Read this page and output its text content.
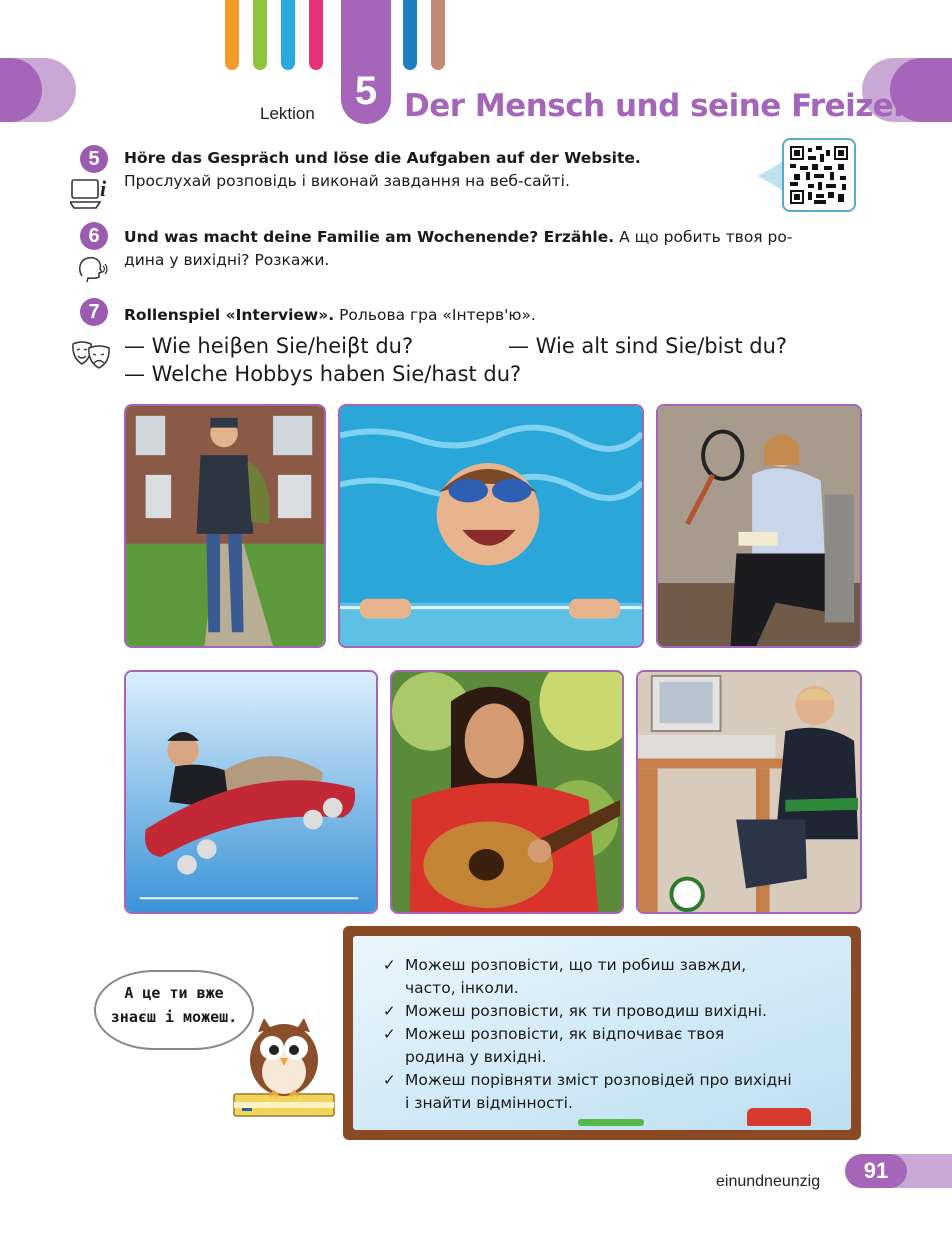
Lektion
5 Der Mensch und seine Freizeit
5
i
Höre das Gespräch und löse die Aufgaben auf der Website.
Прослухай розповідь і виконай завдання на веб-сайті.
6	Und was macht deine Familie am Wochenende? Erzähle. А що робить твоя ро-
дина у вихідні? Розкажи.
7	Rollenspiel «Interview». Рольова гра «Інтерв'ю».
— Wie heiβen Sie/heiβt du?	— Wie alt sind Sie/bist du?
— Welche Hobbys haben Sie/hast du?
✓ Можеш розповісти, що ти робиш завжди,
часто, інколи.
✓ Можеш розповісти, як ти проводиш вихідні.
✓ Можеш розповісти, як відпочиває твоя
родина у вихідні.
✓ Можеш порівняти зміст розповідей про вихідні
і знайти відмінності.
А це ти вже
знаєш і можеш.
einundneunzig	91
